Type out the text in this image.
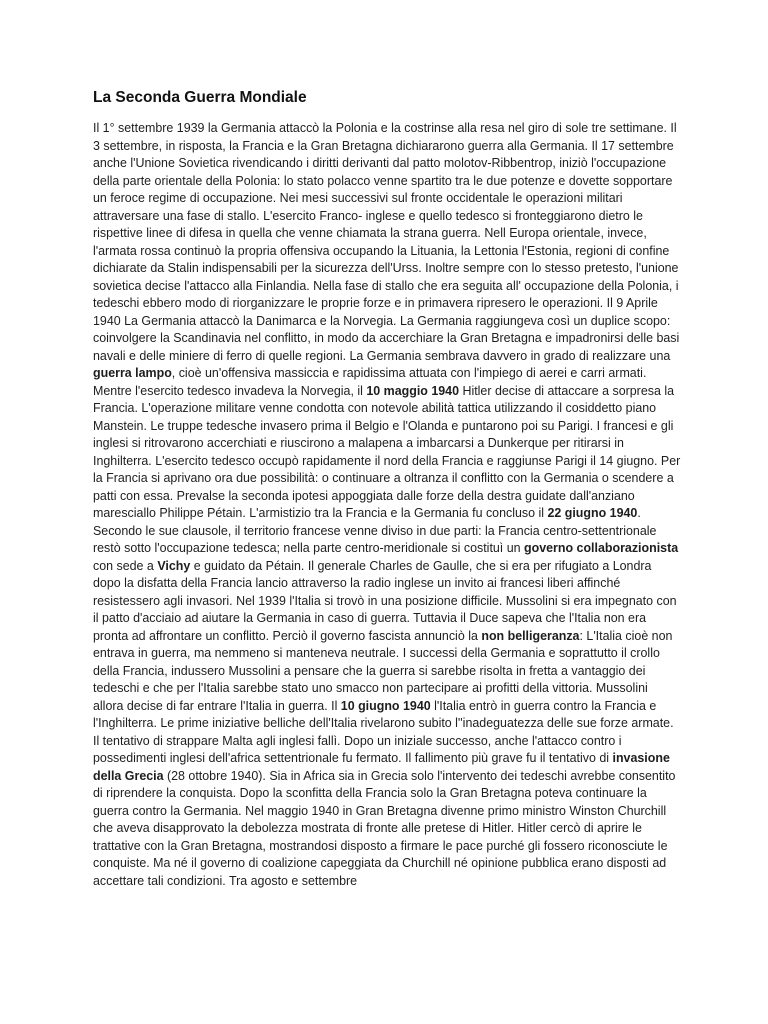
La Seconda Guerra Mondiale

Il 1° settembre 1939 la Germania attaccò la Polonia e la costrinse alla resa nel giro di sole tre settimane. Il 3 settembre, in risposta, la Francia e la Gran Bretagna dichiararono guerra alla Germania. Il 17 settembre anche l'Unione Sovietica rivendicando i diritti derivanti dal patto molotov-Ribbentrop, iniziò l'occupazione della parte orientale della Polonia: lo stato polacco venne spartito tra le due potenze e dovette sopportare un feroce regime di occupazione. Nei mesi successivi sul fronte occidentale le operazioni militari attraversare una fase di stallo. L'esercito Franco- inglese e quello tedesco si fronteggiarono dietro le rispettive linee di difesa in quella che venne chiamata la strana guerra. Nell Europa orientale, invece, l'armata rossa continuò la propria offensiva occupando la Lituania, la Lettonia l'Estonia, regioni di confine dichiarate da Stalin indispensabili per la sicurezza dell'Urss. Inoltre sempre con lo stesso pretesto, l'unione sovietica decise l'attacco alla Finlandia. Nella fase di stallo che era seguita all' occupazione della Polonia, i tedeschi ebbero modo di riorganizzare le proprie forze e in primavera ripresero le operazioni. Il 9 Aprile 1940 La Germania attaccò la Danimarca e la Norvegia. La Germania raggiungeva così un duplice scopo: coinvolgere la Scandinavia nel conflitto, in modo da accerchiare la Gran Bretagna e impadronirsi delle basi navali e delle miniere di ferro di quelle regioni. La Germania sembrava davvero in grado di realizzare una guerra lampo, cioè un'offensiva massiccia e rapidissima attuata con l'impiego di aerei e carri armati. Mentre l'esercito tedesco invadeva la Norvegia, il 10 maggio 1940 Hitler decise di attaccare a sorpresa la Francia. L'operazione militare venne condotta con notevole abilità tattica utilizzando il cosiddetto piano Manstein. Le truppe tedesche invasero prima il Belgio e l'Olanda e puntarono poi su Parigi. I francesi e gli inglesi si ritrovarono accerchiati e riuscirono a malapena a imbarcarsi a Dunkerque per ritirarsi in Inghilterra. L'esercito tedesco occupò rapidamente il nord della Francia e raggiunse Parigi il 14 giugno. Per la Francia si aprivano ora due possibilità: o continuare a oltranza il conflitto con la Germania o scendere a patti con essa. Prevalse la seconda ipotesi appoggiata dalle forze della destra guidate dall'anziano maresciallo Philippe Pétain. L'armistizio tra la Francia e la Germania fu concluso il 22 giugno 1940. Secondo le sue clausole, il territorio francese venne diviso in due parti: la Francia centro-settentrionale restò sotto l'occupazione tedesca; nella parte centro-meridionale si costituì un governo collaborazionista con sede a Vichy e guidato da Pétain. Il generale Charles de Gaulle, che si era per rifugiato a Londra dopo la disfatta della Francia lancio attraverso la radio inglese un invito ai francesi liberi affinché resistessero agli invasori. Nel 1939 l'Italia si trovò in una posizione difficile. Mussolini si era impegnato con il patto d'acciaio ad aiutare la Germania in caso di guerra. Tuttavia il Duce sapeva che l'Italia non era pronta ad affrontare un conflitto. Perciò il governo fascista annunciò la non belligeranza: L'Italia cioè non entrava in guerra, ma nemmeno si manteneva neutrale. I successi della Germania e soprattutto il crollo della Francia, indussero Mussolini a pensare che la guerra si sarebbe risolta in fretta a vantaggio dei tedeschi e che per l'Italia sarebbe stato uno smacco non partecipare ai profitti della vittoria. Mussolini allora decise di far entrare l'Italia in guerra. Il 10 giugno 1940 l'Italia entrò in guerra contro la Francia e l'Inghilterra. Le prime iniziative belliche dell'Italia rivelarono subito l''inadeguatezza delle sue forze armate. Il tentativo di strappare Malta agli inglesi fallì. Dopo un iniziale successo, anche l'attacco contro i possedimenti inglesi dell'africa settentrionale fu fermato. Il fallimento più grave fu il tentativo di invasione della Grecia (28 ottobre 1940). Sia in Africa sia in Grecia solo l'intervento dei tedeschi avrebbe consentito di riprendere la conquista. Dopo la sconfitta della Francia solo la Gran Bretagna poteva continuare la guerra contro la Germania. Nel maggio 1940 in Gran Bretagna divenne primo ministro Winston Churchill che aveva disapprovato la debolezza mostrata di fronte alle pretese di Hitler. Hitler cercò di aprire le trattative con la Gran Bretagna, mostrandosi disposto a firmare le pace purché gli fossero riconosciute le conquiste. Ma né il governo di coalizione capeggiata da Churchill né opinione pubblica erano disposti ad accettare tali condizioni. Tra agosto e settembre
